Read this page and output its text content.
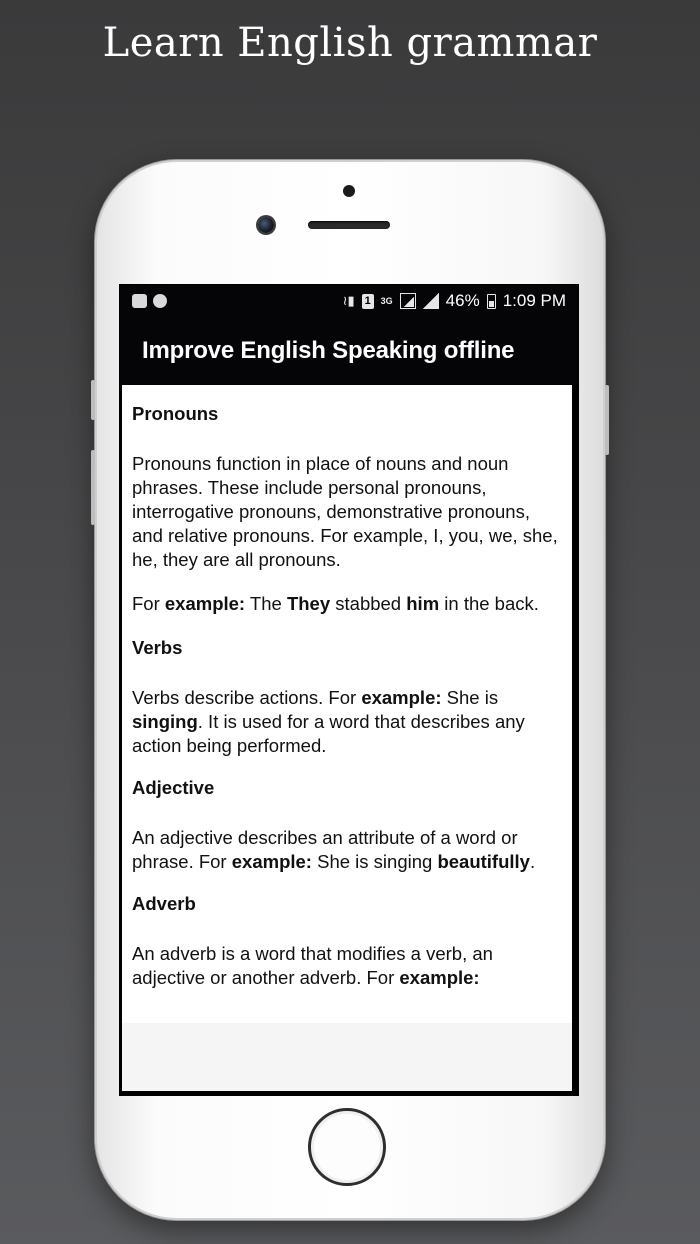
Learn English grammar
≀▮ 1	3G	46% 1:09 PM
Improve English Speaking offline
Pronouns

Pronouns function in place of nouns and noun phrases. These include personal pronouns, interrogative pronouns, demonstrative pronouns, and relative pronouns. For example, I, you, we, she, he, they are all pronouns.

For example: The They stabbed him in the back.

Verbs

Verbs describe actions. For example: She is singing. It is used for a word that describes any action being performed.

Adjective

An adjective describes an attribute of a word or phrase. For example: She is singing beautifully.

Adverb

An adverb is a word that modifies a verb, an adjective or another adverb. For example:
